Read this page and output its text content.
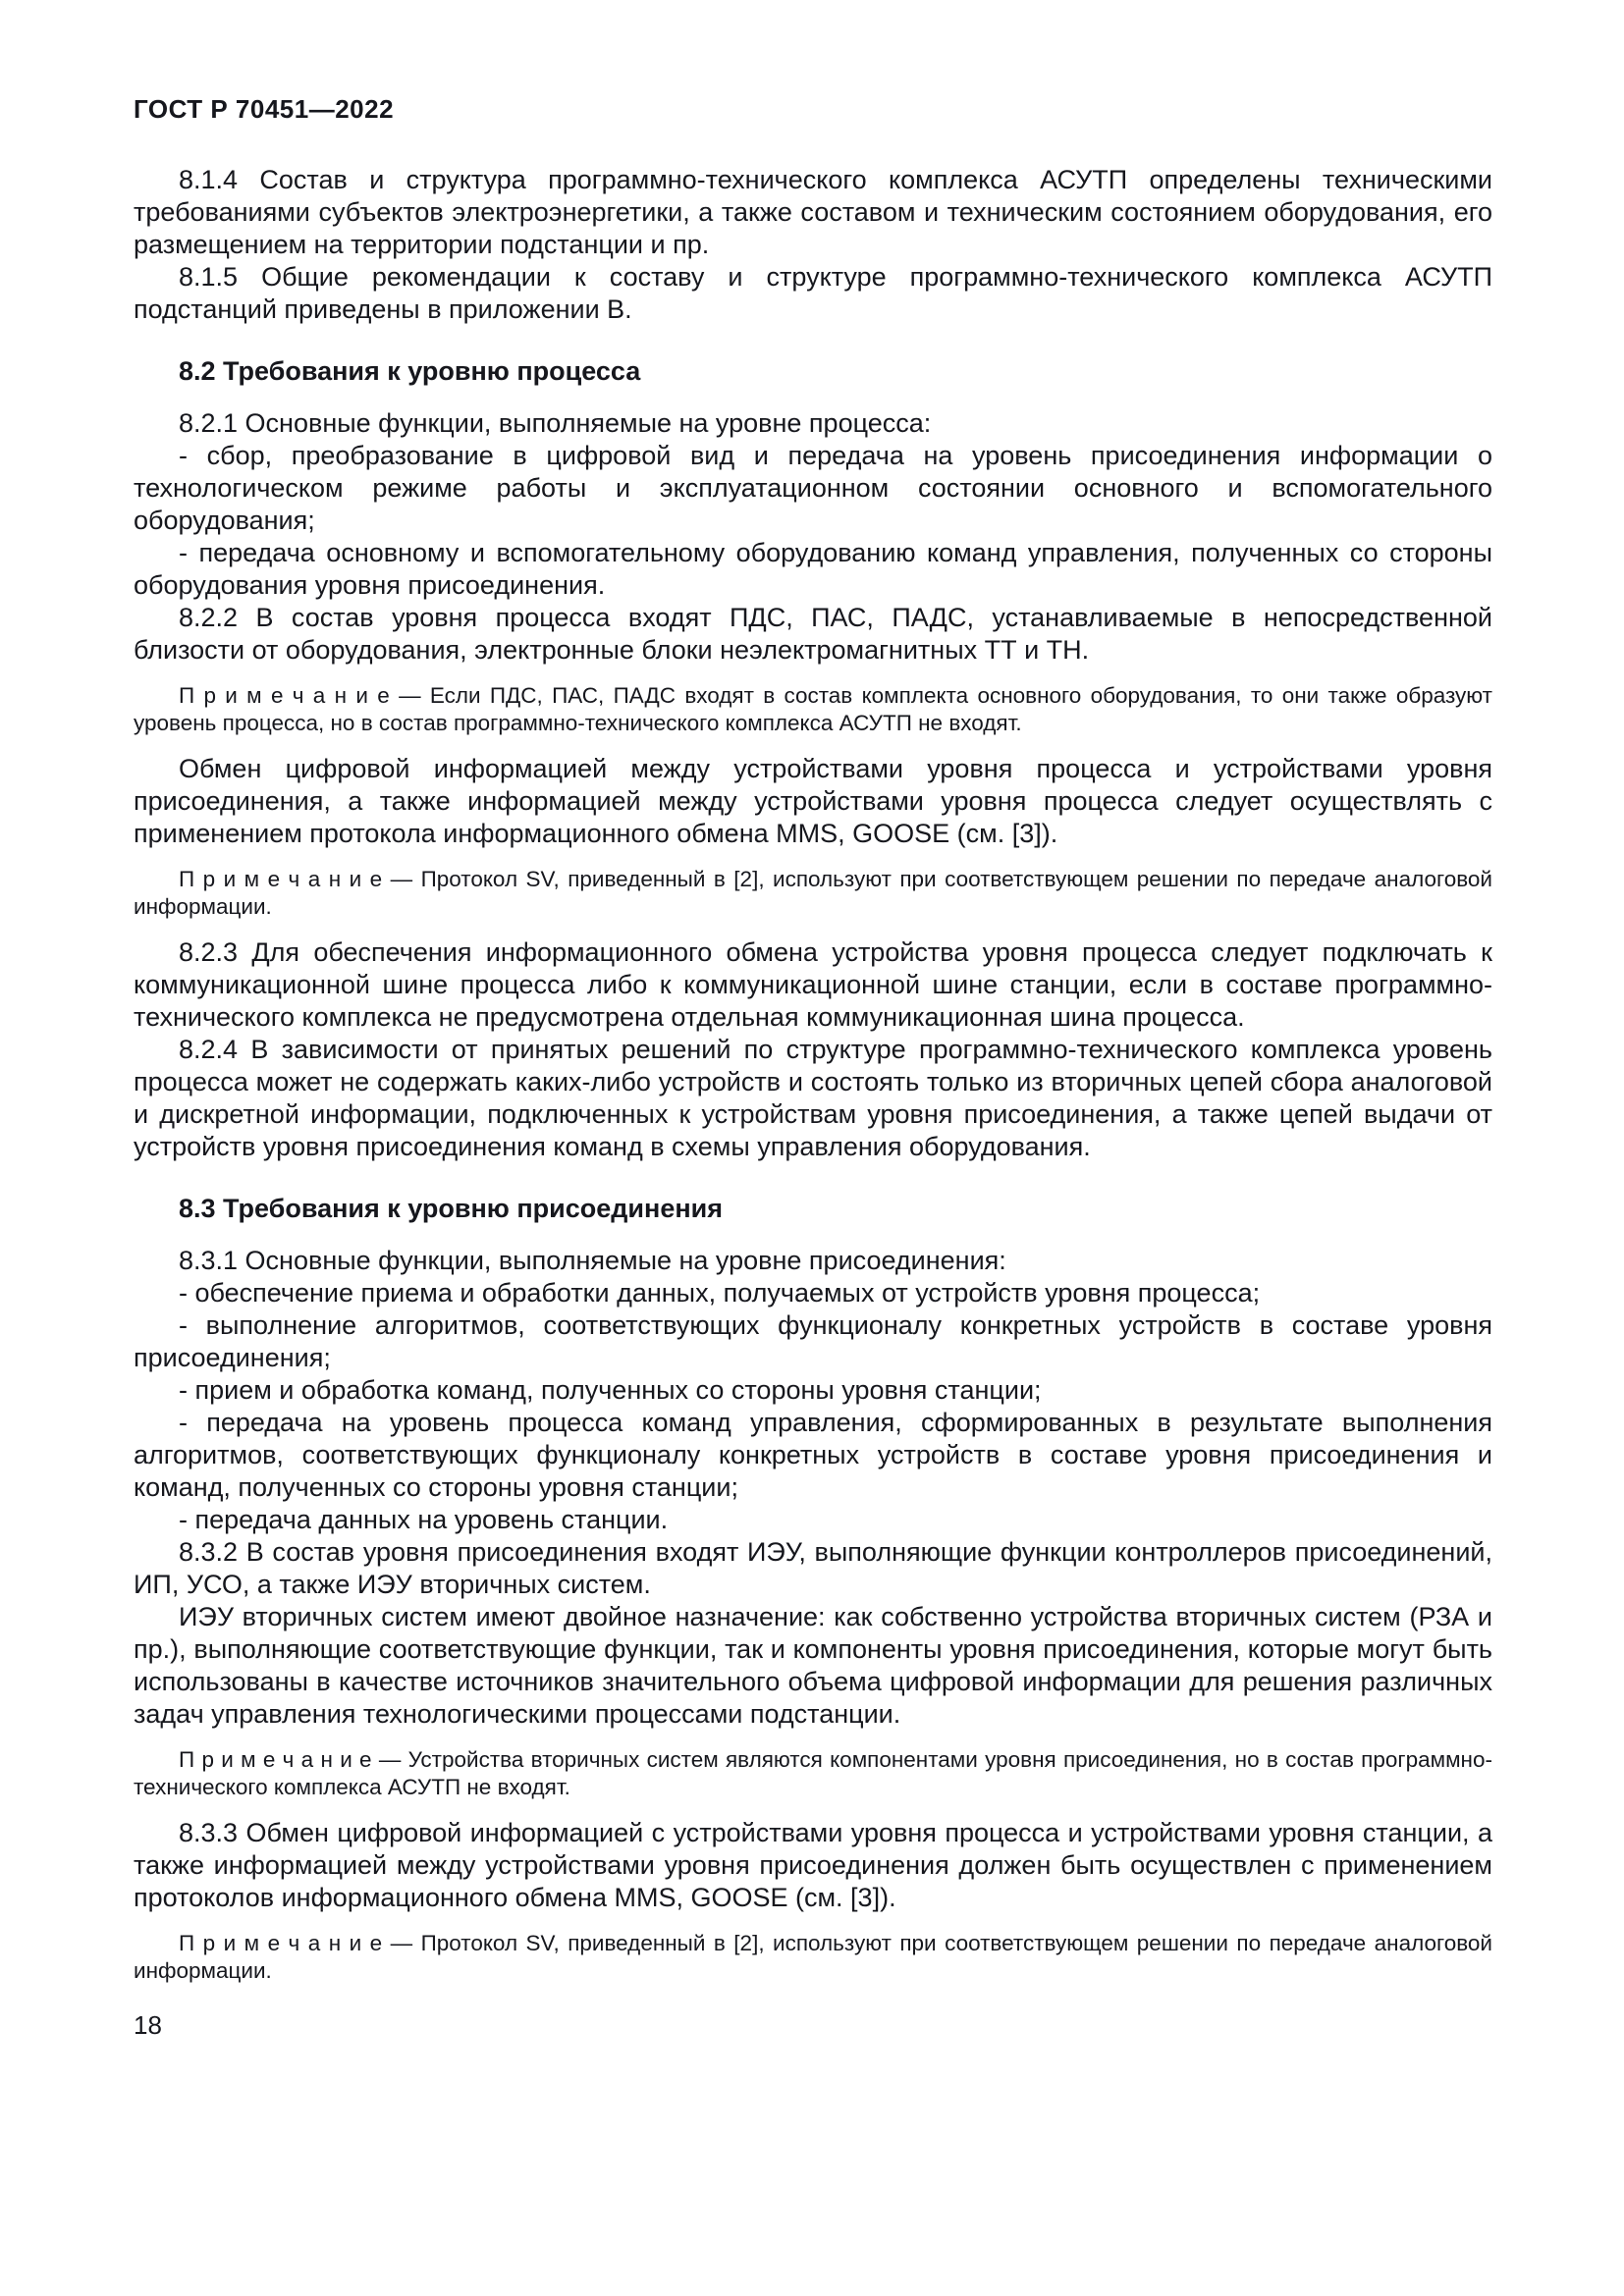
ГОСТ Р 70451—2022

8.1.4 Состав и структура программно-технического комплекса АСУТП определены техническими требованиями субъектов электроэнергетики, а также составом и техническим состоянием оборудования, его размещением на территории подстанции и пр.

8.1.5 Общие рекомендации к составу и структуре программно-технического комплекса АСУТП подстанций приведены в приложении В.

8.2 Требования к уровню процесса

8.2.1 Основные функции, выполняемые на уровне процесса:

- сбор, преобразование в цифровой вид и передача на уровень присоединения информации о технологическом режиме работы и эксплуатационном состоянии основного и вспомогательного оборудования;

- передача основному и вспомогательному оборудованию команд управления, полученных со стороны оборудования уровня присоединения.

8.2.2 В состав уровня процесса входят ПДС, ПАС, ПАДС, устанавливаемые в непосредственной близости от оборудования, электронные блоки неэлектромагнитных ТТ и ТН.

П р и м е ч а н и е — Если ПДС, ПАС, ПАДС входят в состав комплекта основного оборудования, то они также образуют уровень процесса, но в состав программно-технического комплекса АСУТП не входят.

Обмен цифровой информацией между устройствами уровня процесса и устройствами уровня присоединения, а также информацией между устройствами уровня процесса следует осуществлять с применением протокола информационного обмена MMS, GOOSE (см. [3]).

П р и м е ч а н и е — Протокол SV, приведенный в [2], используют при соответствующем решении по передаче аналоговой информации.

8.2.3 Для обеспечения информационного обмена устройства уровня процесса следует подключать к коммуникационной шине процесса либо к коммуникационной шине станции, если в составе программно-технического комплекса не предусмотрена отдельная коммуникационная шина процесса.

8.2.4 В зависимости от принятых решений по структуре программно-технического комплекса уровень процесса может не содержать каких-либо устройств и состоять только из вторичных цепей сбора аналоговой и дискретной информации, подключенных к устройствам уровня присоединения, а также цепей выдачи от устройств уровня присоединения команд в схемы управления оборудования.

8.3 Требования к уровню присоединения

8.3.1 Основные функции, выполняемые на уровне присоединения:

- обеспечение приема и обработки данных, получаемых от устройств уровня процесса;

- выполнение алгоритмов, соответствующих функционалу конкретных устройств в составе уровня присоединения;

- прием и обработка команд, полученных со стороны уровня станции;

- передача на уровень процесса команд управления, сформированных в результате выполнения алгоритмов, соответствующих функционалу конкретных устройств в составе уровня присоединения и команд, полученных со стороны уровня станции;

- передача данных на уровень станции.

8.3.2 В состав уровня присоединения входят ИЭУ, выполняющие функции контроллеров присоединений, ИП, УСО, а также ИЭУ вторичных систем.

ИЭУ вторичных систем имеют двойное назначение: как собственно устройства вторичных систем (РЗА и пр.), выполняющие соответствующие функции, так и компоненты уровня присоединения, которые могут быть использованы в качестве источников значительного объема цифровой информации для решения различных задач управления технологическими процессами подстанции.

П р и м е ч а н и е — Устройства вторичных систем являются компонентами уровня присоединения, но в состав программно-технического комплекса АСУТП не входят.

8.3.3 Обмен цифровой информацией с устройствами уровня процесса и устройствами уровня станции, а также информацией между устройствами уровня присоединения должен быть осуществлен с применением протоколов информационного обмена MMS, GOOSE (см. [3]).

П р и м е ч а н и е — Протокол SV, приведенный в [2], используют при соответствующем решении по передаче аналоговой информации.

18
